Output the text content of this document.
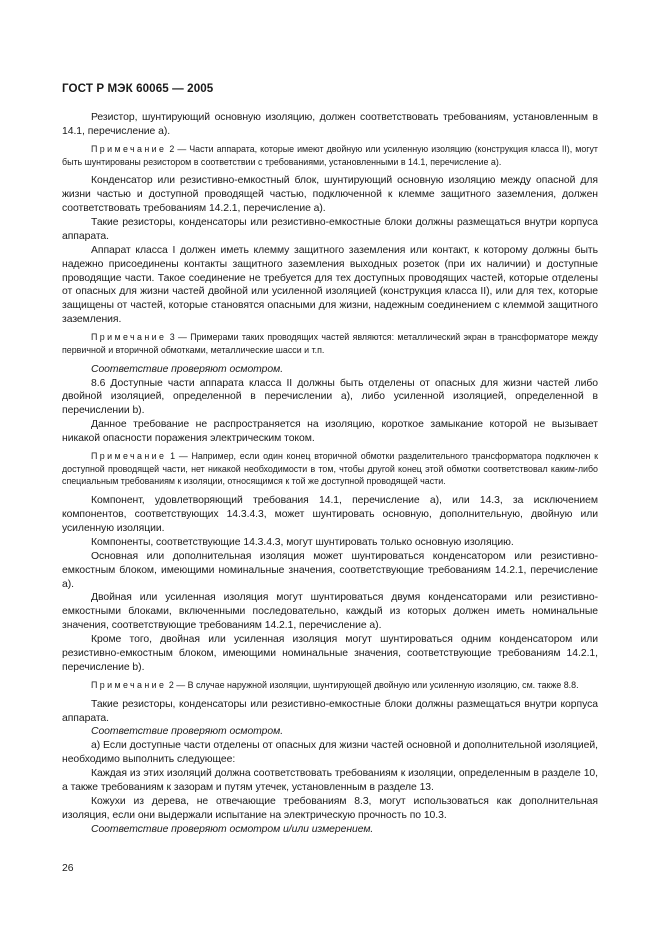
ГОСТ Р МЭК 60065 — 2005

Резистор, шунтирующий основную изоляцию, должен соответствовать требованиям, установленным в 14.1, перечисление а).

Примечание 2 — Части аппарата, которые имеют двойную или усиленную изоляцию (конструкция класса II), могут быть шунтированы резистором в соответствии с требованиями, установленными в 14.1, перечисление а).

Конденсатор или резистивно-емкостный блок, шунтирующий основную изоляцию между опасной для жизни частью и доступной проводящей частью, подключенной к клемме защитного заземления, должен соответствовать требованиям 14.2.1, перечисление а).

Такие резисторы, конденсаторы или резистивно-емкостные блоки должны размещаться внутри корпуса аппарата.

Аппарат класса I должен иметь клемму защитного заземления или контакт, к которому должны быть надежно присоединены контакты защитного заземления выходных розеток (при их наличии) и доступные проводящие части. Такое соединение не требуется для тех доступных проводящих частей, которые отделены от опасных для жизни частей двойной или усиленной изоляцией (конструкция класса II), или для тех, которые защищены от частей, которые становятся опасными для жизни, надежным соединением с клеммой защитного заземления.

Примечание 3 — Примерами таких проводящих частей являются: металлический экран в трансформаторе между первичной и вторичной обмотками, металлические шасси и т.п.

Соответствие проверяют осмотром.

8.6 Доступные части аппарата класса II должны быть отделены от опасных для жизни частей либо двойной изоляцией, определенной в перечислении а), либо усиленной изоляцией, определенной в перечислении b).

Данное требование не распространяется на изоляцию, короткое замыкание которой не вызывает никакой опасности поражения электрическим током.

Примечание 1 — Например, если один конец вторичной обмотки разделительного трансформатора подключен к доступной проводящей части, нет никакой необходимости в том, чтобы другой конец этой обмотки соответствовал каким-либо специальным требованиям к изоляции, относящимся к той же доступной проводящей части.

Компонент, удовлетворяющий требования 14.1, перечисление а), или 14.3, за исключением компонентов, соответствующих 14.3.4.3, может шунтировать основную, дополнительную, двойную или усиленную изоляции.

Компоненты, соответствующие 14.3.4.3, могут шунтировать только основную изоляцию.

Основная или дополнительная изоляция может шунтироваться конденсатором или резистивно-емкостным блоком, имеющими номинальные значения, соответствующие требованиям 14.2.1, перечисление а).

Двойная или усиленная изоляция могут шунтироваться двумя конденсаторами или резистивно-емкостными блоками, включенными последовательно, каждый из которых должен иметь номинальные значения, соответствующие требованиям 14.2.1, перечисление а).

Кроме того, двойная или усиленная изоляция могут шунтироваться одним конденсатором или резистивно-емкостным блоком, имеющими номинальные значения, соответствующие требованиям 14.2.1, перечисление b).

Примечание 2 — В случае наружной изоляции, шунтирующей двойную или усиленную изоляцию, см. также 8.8.

Такие резисторы, конденсаторы или резистивно-емкостные блоки должны размещаться внутри корпуса аппарата.

Соответствие проверяют осмотром.

а) Если доступные части отделены от опасных для жизни частей основной и дополнительной изоляцией, необходимо выполнить следующее:

Каждая из этих изоляций должна соответствовать требованиям к изоляции, определенным в разделе 10, а также требованиям к зазорам и путям утечек, установленным в разделе 13.

Кожухи из дерева, не отвечающие требованиям 8.3, могут использоваться как дополнительная изоляция, если они выдержали испытание на электрическую прочность по 10.3.

Соответствие проверяют осмотром и/или измерением.

26
